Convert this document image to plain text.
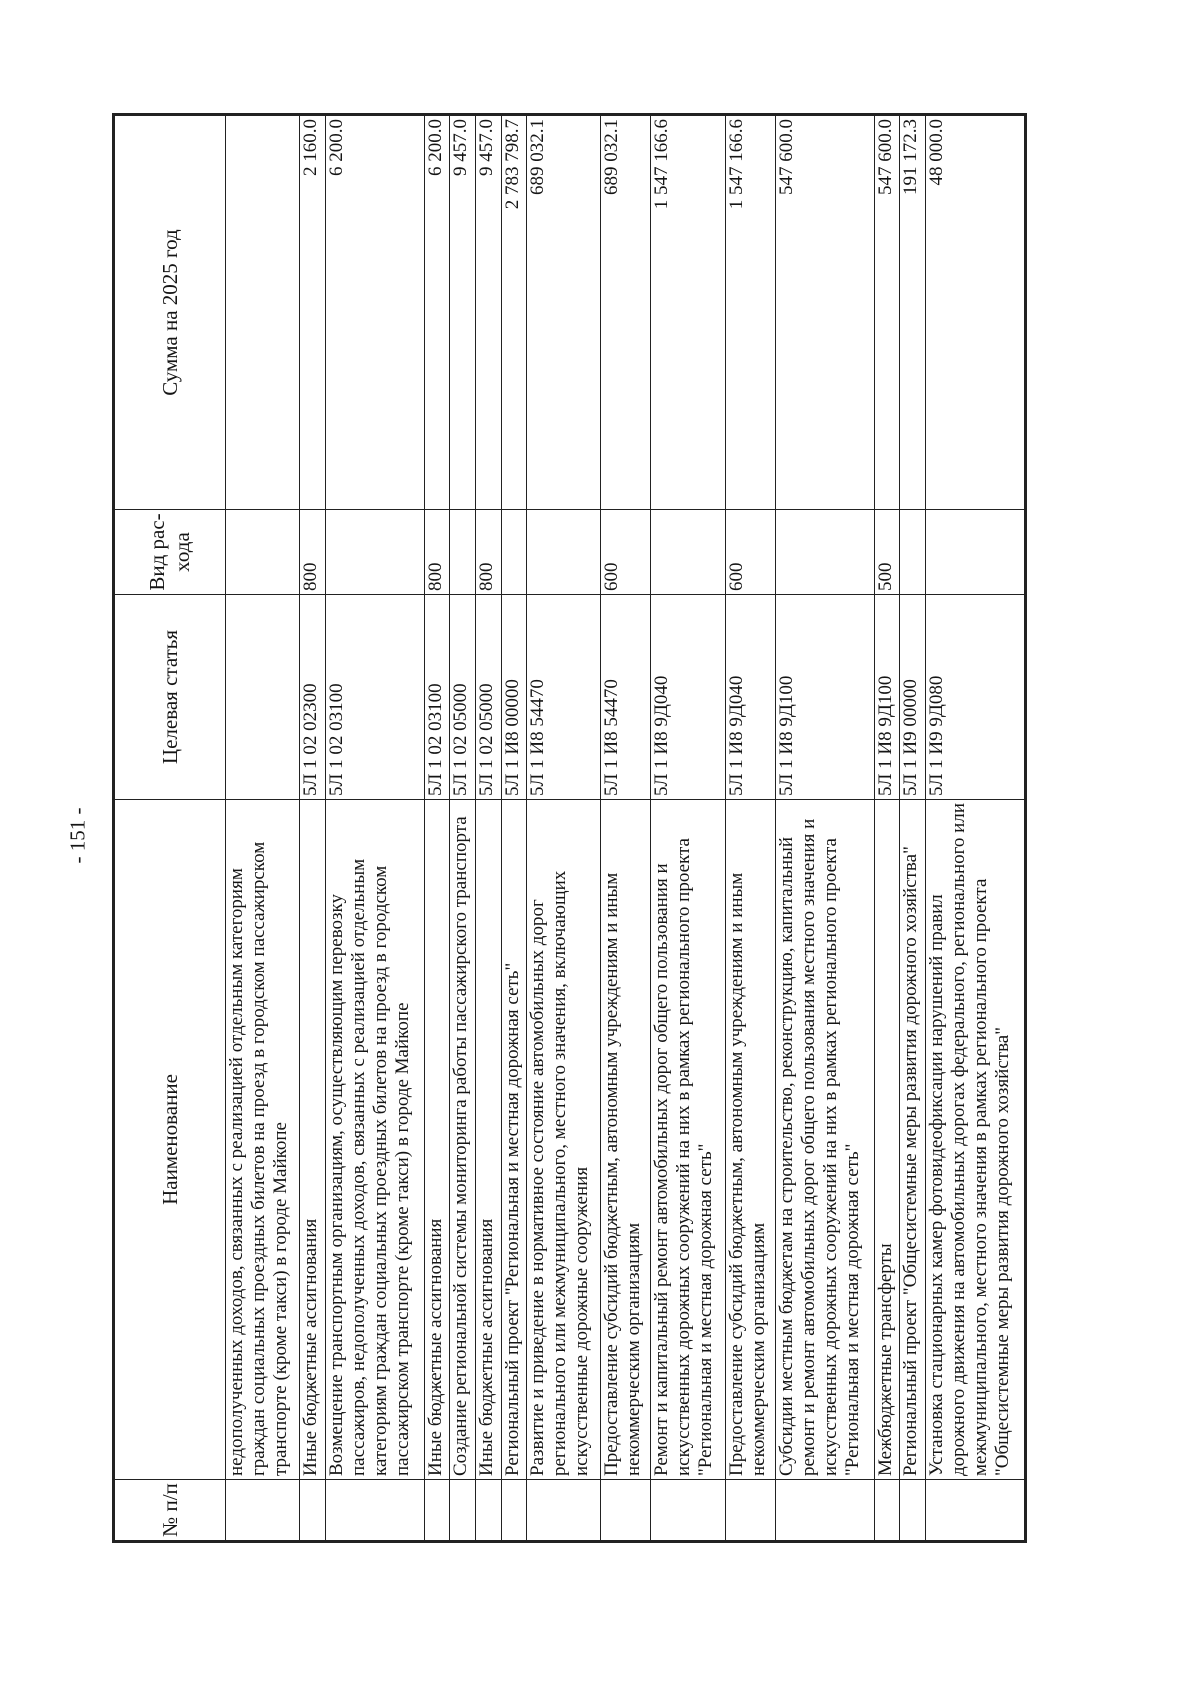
- 151 -
№ п/п	Наименование	Целевая статья	Вид рас-хода	Сумма на 2025 год
	недополученных доходов, связанных с реализацией отдельным категориям граждан социальных проездных билетов на проезд в городском пассажирском транспорте (кроме такси) в городе Майкопе			
	Иные бюджетные ассигнования	5Л 1 02 02300	800	2 160.0
	Возмещение транспортным организациям, осуществляющим перевозку пассажиров, недополученных доходов, связанных с реализацией отдельным категориям граждан социальных проездных билетов на проезд в городском пассажирском транспорте (кроме такси) в городе Майкопе	5Л 1 02 03100		6 200.0
	Иные бюджетные ассигнования	5Л 1 02 03100	800	6 200.0
	Создание региональной системы мониторинга работы пассажирского транспорта	5Л 1 02 05000		9 457.0
	Иные бюджетные ассигнования	5Л 1 02 05000	800	9 457.0
	Региональный проект "Региональная и местная дорожная сеть"	5Л 1 И8 00000		2 783 798.7
	Развитие и приведение в нормативное состояние автомобильных дорог регионального или межмуниципального, местного значения, включающих искусственные дорожные сооружения	5Л 1 И8 54470		689 032.1
	Предоставление субсидий бюджетным, автономным учреждениям и иным некоммерческим организациям	5Л 1 И8 54470	600	689 032.1
	Ремонт и капитальный ремонт автомобильных дорог общего пользования и искусственных дорожных сооружений на них в рамках регионального проекта "Региональная и местная дорожная сеть"	5Л 1 И8 9Д040		1 547 166.6
	Предоставление субсидий бюджетным, автономным учреждениям и иным некоммерческим организациям	5Л 1 И8 9Д040	600	1 547 166.6
	Субсидии местным бюджетам на строительство, реконструкцию, капитальный ремонт и ремонт автомобильных дорог общего пользования местного значения и искусственных дорожных сооружений на них в рамках регионального проекта "Региональная и местная дорожная сеть"	5Л 1 И8 9Д100		547 600.0
	Межбюджетные трансферты	5Л 1 И8 9Д100	500	547 600.0
	Региональный проект "Общесистемные меры развития дорожного хозяйства"	5Л 1 И9 00000		191 172.3
	Установка стационарных камер фотовидеофиксации нарушений правил дорожного движения на автомобильных дорогах федерального, регионального или межмуниципального, местного значения в рамках регионального проекта "Общесистемные меры развития дорожного хозяйства"	5Л 1 И9 9Д080		48 000.0
